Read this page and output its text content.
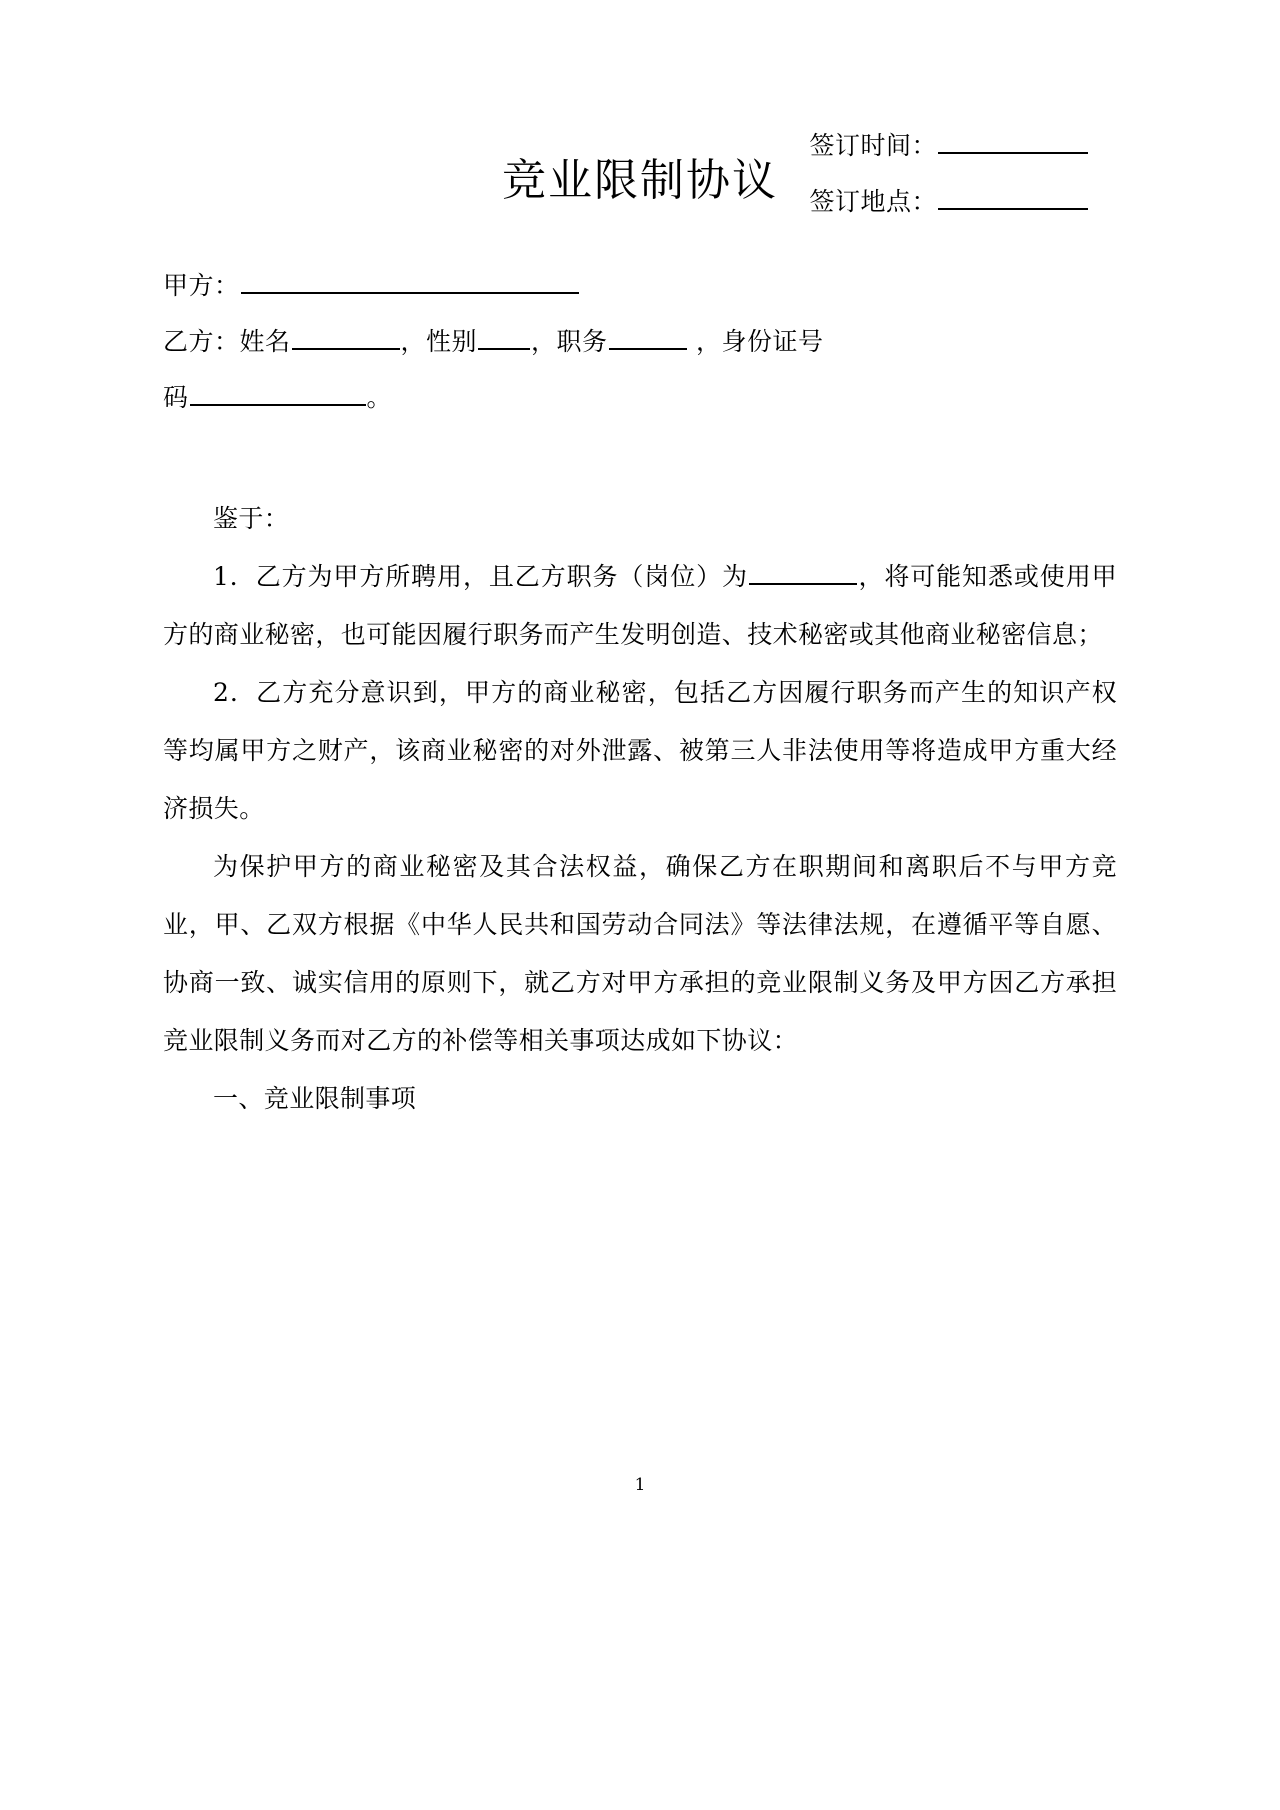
竞业限制协议
签订时间：
签订地点：
甲方：
乙方：姓名	，性别 ，职务	，身份证号
码	。

鉴于：

1．乙方为甲方所聘用，且乙方职务（岗位）为	，将可能知悉或使用甲方的商业秘密，也可能因履行职务而产生发明创造、技术秘密或其他商业秘密信息；

2．乙方充分意识到，甲方的商业秘密，包括乙方因履行职务而产生的知识产权等均属甲方之财产，该商业秘密的对外泄露、被第三人非法使用等将造成甲方重大经济损失。

为保护甲方的商业秘密及其合法权益，确保乙方在职期间和离职后不与甲方竞业，甲、乙双方根据《中华人民共和国劳动合同法》等法律法规，在遵循平等自愿、协商一致、诚实信用的原则下，就乙方对甲方承担的竞业限制义务及甲方因乙方承担竞业限制义务而对乙方的补偿等相关事项达成如下协议：

一、竞业限制事项

1
